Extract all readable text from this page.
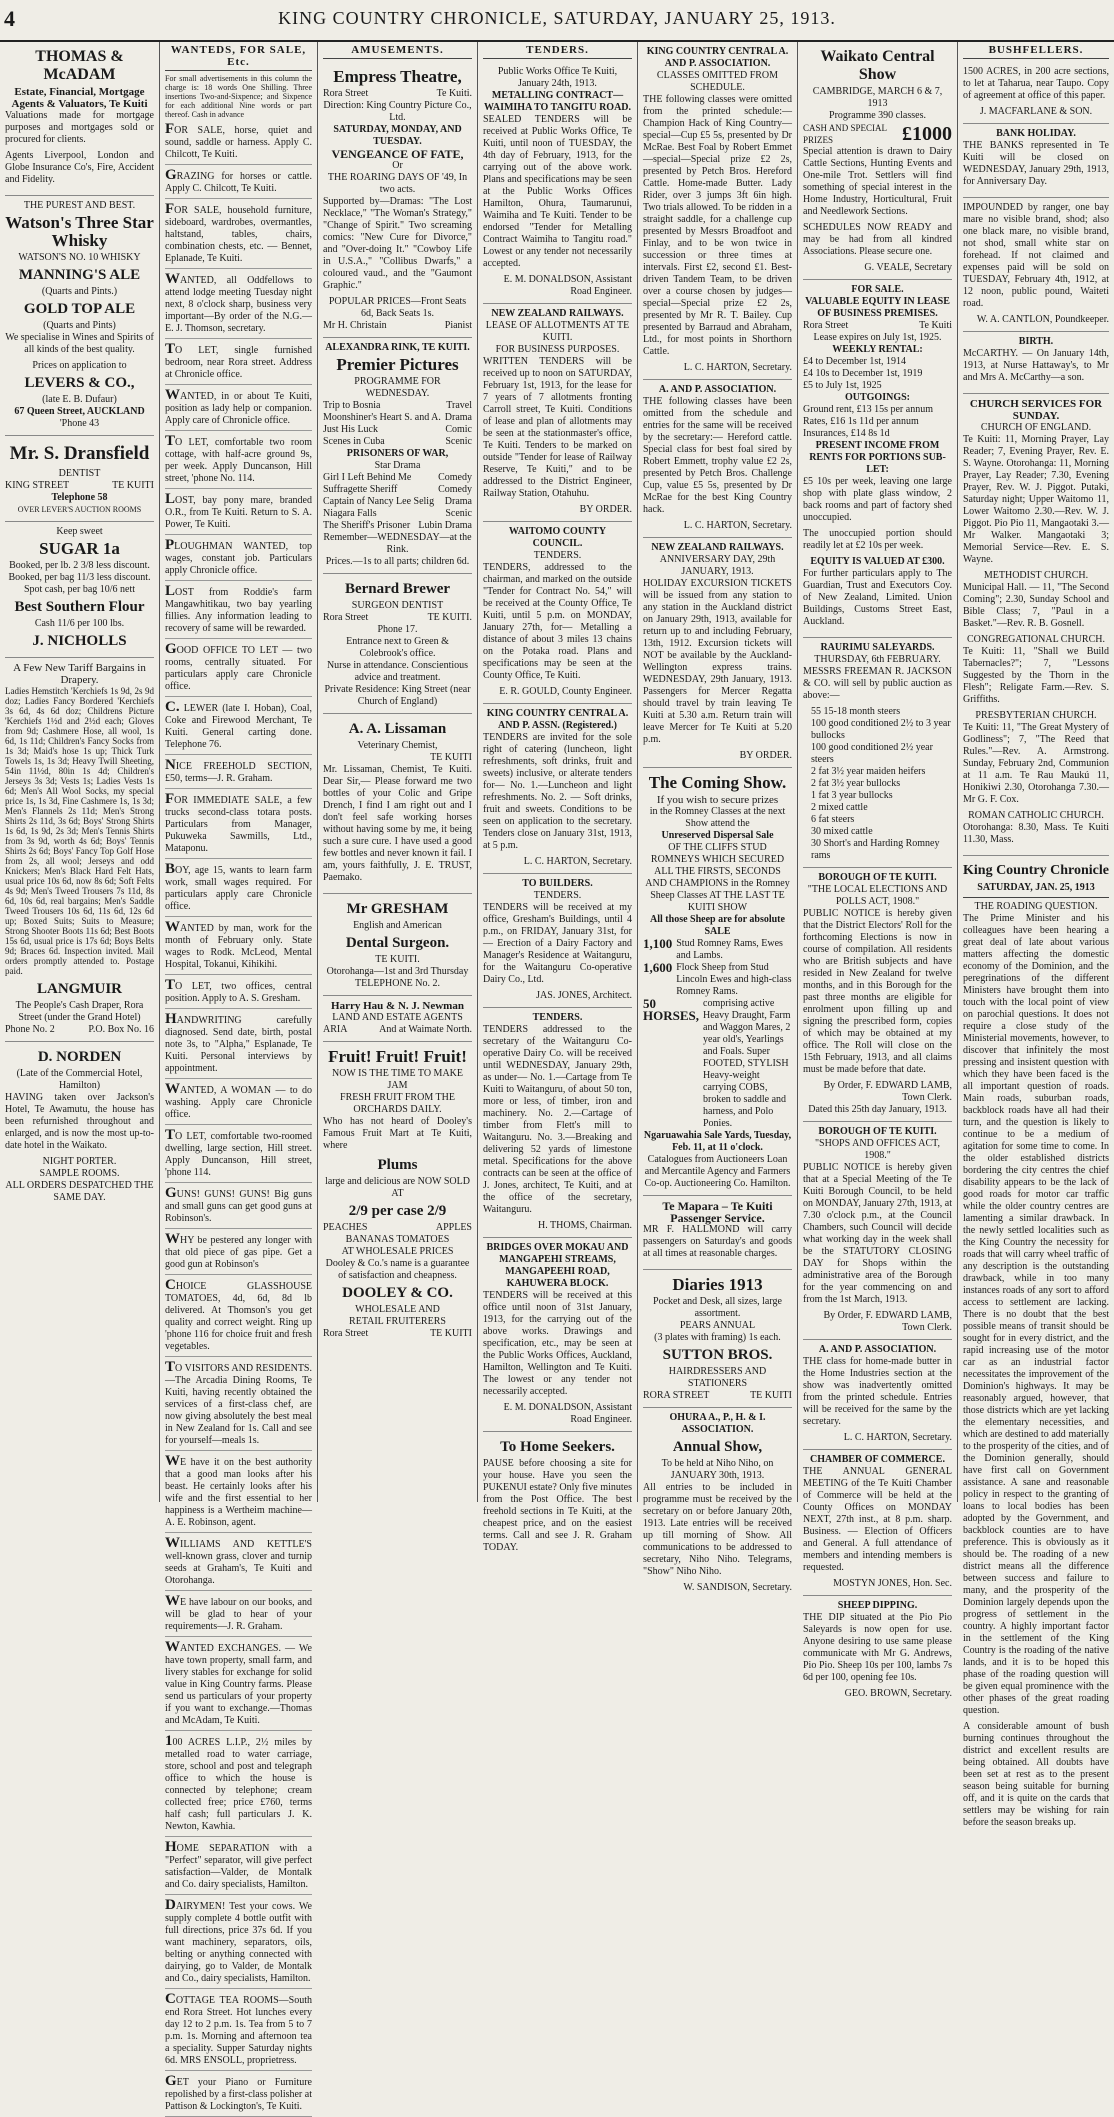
4	KING COUNTRY CHRONICLE, SATURDAY, JANUARY 25, 1913.
THOMAS & McADAM
Estate, Financial, Mortgage Agents & Valuators, Te Kuiti

Valuations made for mortgage purposes and mortgages sold or procured for clients.

Agents Liverpool, London and Globe Insurance Co's, Fire, Accident and Fidelity.

THE PUREST AND BEST.
Watson's Three Star Whisky
WATSON'S NO. 10 WHISKY
MANNING'S ALE
(Quarts and Pints.)
GOLD TOP ALE
(Quarts and Pints)

We specialise in Wines and Spirits of all kinds of the best quality.

Prices on application to
LEVERS & CO.,
(late E. B. Dufaur)
67 Queen Street, AUCKLAND
'Phone 43
Mr. S. Dransfield
DENTIST
KING STREET	TE KUITI
Telephone 58
OVER LEVER'S AUCTION ROOMS
Keep sweet
SUGAR 1a
Booked, per lb. 2 3/8 less discount.
Booked, per bag 11/3 less discount.
Spot cash, per bag 10/6 nett
Best Southern Flour
Cash 11/6 per 100 lbs.
J. NICHOLLS
A Few New Tariff Bargains in Drapery.

Ladies Hemstitch 'Kerchiefs 1s 9d, 2s 9d doz; Ladies Fancy Bordered 'Kerchiefs 3s 6d, 4s 6d doz; Childrens Picture 'Kerchiefs 1½d and 2½d each; Gloves from 9d; Cashmere Hose, all wool, 1s 6d, 1s 11d; Children's Fancy Socks from 1s 3d; Maid's hose 1s up; Thick Turk Towels 1s, 1s 3d; Heavy Twill Sheeting, 54in 11½d, 80in 1s 4d; Children's Jerseys 3s 3d; Vests 1s; Ladies Vests 1s 6d; Men's All Wool Socks, my special price 1s, 1s 3d, Fine Cashmere 1s, 1s 3d; Men's Flannels 2s 11d; Men's Strong Shirts 2s 11d, 3s 6d; Boys' Strong Shirts 1s 6d, 1s 9d, 2s 3d; Men's Tennis Shirts from 3s 9d, worth 4s 6d; Boys' Tennis Shirts 2s 6d; Boys' Fancy Top Golf Hose from 2s, all wool; Jerseys and odd Knickers; Men's Black Hard Felt Hats, usual price 10s 6d, now 8s 6d; Soft Felts 4s 9d; Men's Tweed Trousers 7s 11d, 8s 6d, 10s 6d, real bargains; Men's Saddle Tweed Trousers 10s 6d, 11s 6d, 12s 6d up; Boxed Suits; Suits to Measure; Strong Shooter Boots 11s 6d; Best Boots 15s 6d, usual price is 17s 6d; Boys Belts 9d; Braces 6d. Inspection invited. Mail orders promptly attended to. Postage paid.

LANGMUIR
The People's Cash Draper, Rora Street (under the Grand Hotel)
Phone No. 2	P.O. Box No. 16
D. NORDEN
(Late of the Commercial Hotel, Hamilton)

HAVING taken over Jackson's Hotel, Te Awamutu, the house has been refurnished throughout and enlarged, and is now the most up-to-date hotel in the Waikato.

NIGHT PORTER.
SAMPLE ROOMS.
ALL ORDERS DESPATCHED THE SAME DAY.
WANTEDS, FOR SALE, Etc.

For small advertisements in this column the charge is: 18 words One Shilling. Three insertions Two-and-Sixpence; and Sixpence for each additional Nine words or part thereof. Cash in advance

FOR SALE, horse, quiet and sound, saddle or harness. Apply C. Chilcott, Te Kuiti.

GRAZING for horses or cattle. Apply C. Chilcott, Te Kuiti.

FOR SALE, household furniture, sideboard, wardrobes, overmantles, haltstand, tables, chairs, combination chests, etc. — Bennet, Eplanade, Te Kuiti.

WANTED, all Oddfellows to attend lodge meeting Tuesday night next, 8 o'clock sharp, business very important—By order of the N.G.—E. J. Thomson, secretary.

TO LET, single furnished bedroom, near Rora street. Address at Chronicle office.

WANTED, in or about Te Kuiti, position as lady help or companion. Apply care of Chronicle office.

TO LET, comfortable two room cottage, with half-acre ground 9s, per week. Apply Duncanson, Hill street, 'phone No. 114.

LOST, bay pony mare, branded O.R., from Te Kuiti. Return to S. A. Power, Te Kuiti.

PLOUGHMAN WANTED, top wages, constant job. Particulars apply Chronicle office.

LOST from Roddie's farm Mangawhitikau, two bay yearling fillies. Any information leading to recovery of same will be rewarded.

GOOD OFFICE TO LET — two rooms, centrally situated. For particulars apply care Chronicle office.

C. LEWER (late I. Hoban), Coal, Coke and Firewood Merchant, Te Kuiti. General carting done. Telephone 76.

NICE FREEHOLD SECTION, £50, terms—J. R. Graham.

FOR IMMEDIATE SALE, a few trucks second-class totara posts. Particulars from Manager, Pukuweka Sawmills, Ltd., Mataponu.

BOY, age 15, wants to learn farm work, small wages required. For particulars apply care Chronicle office.

WANTED by man, work for the month of February only. State wages to Rodk. McLeod, Mental Hospital, Tokanui, Kihikihi.

TO LET, two offices, central position. Apply to A. S. Gresham.

HANDWRITING carefully diagnosed. Send date, birth, postal note 3s, to "Alpha," Esplanade, Te Kuiti. Personal interviews by appointment.

WANTED, A WOMAN — to do washing. Apply care Chronicle office.

TO LET, comfortable two-roomed dwelling, large section, Hill street. Apply Duncanson, Hill street, 'phone 114.

GUNS! GUNS! GUNS! Big guns and small guns can get good guns at Robinson's.

WHY be pestered any longer with that old piece of gas pipe. Get a good gun at Robinson's

CHOICE GLASSHOUSE TOMATOES, 4d, 6d, 8d lb delivered. At Thomson's you get quality and correct weight. Ring up 'phone 116 for choice fruit and fresh vegetables.

TO VISITORS AND RESIDENTS. —The Arcadia Dining Rooms, Te Kuiti, having recently obtained the services of a first-class chef, are now giving absolutely the best meal in New Zealand for 1s. Call and see for yourself—meals 1s.

WE have it on the best authority that a good man looks after his beast. He certainly looks after his wife and the first essential to her happiness is a Wertheim machine—A. E. Robinson, agent.

WILLIAMS AND KETTLE'S well-known grass, clover and turnip seeds at Graham's, Te Kuiti and Otorohanga.

WE have labour on our books, and will be glad to hear of your requirements—J. R. Graham.

WANTED EXCHANGES. — We have town property, small farm, and livery stables for exchange for solid value in King Country farms. Please send us particulars of your property if you want to exchange.—Thomas and McAdam, Te Kuiti.

100 ACRES L.I.P., 2½ miles by metalled road to water carriage, store, school and post and telegraph office to which the house is connected by telephone; cream collected free; price £760, terms half cash; full particulars J. K. Newton, Kawhia.

HOME SEPARATION with a "Perfect" separator, will give perfect satisfaction—Valder, de Montalk and Co. dairy specialists, Hamilton.

DAIRYMEN! Test your cows. We supply complete 4 bottle outfit with full directions, price 37s 6d. If you want machinery, separators, oils, belting or anything connected with dairying, go to Valder, de Montalk and Co., dairy specialists, Hamilton.

COTTAGE TEA ROOMS—South end Rora Street. Hot lunches every day 12 to 2 p.m. 1s. Tea from 5 to 7 p.m. 1s. Morning and afternoon tea a speciality. Supper Saturday nights 6d. MRS ENSOLL, proprietress.

GET your Piano or Furniture repolished by a first-class polisher at Pattison & Lockington's, Te Kuiti.

AMUSEMENTS.
Empress Theatre,
Rora Street	Te Kuiti.
Direction: King Country Picture Co., Ltd.
SATURDAY, MONDAY, AND TUESDAY.
VENGEANCE OF FATE,
Or
THE ROARING DAYS OF '49, In two acts.

Supported by—Dramas: "The Lost Necklace," "The Woman's Strategy," "Change of Spirit." Two screaming comics: "New Cure for Divorce," and "Over-doing It." "Cowboy Life in U.S.A.," "Collibus Dwarfs," a coloured vaud., and the "Gaumont Graphic."

POPULAR PRICES—Front Seats 6d, Back Seats 1s.
Mr H. Christain	Pianist
ALEXANDRA RINK, TE KUITI.
Premier Pictures
PROGRAMME FOR WEDNESDAY.
Trip to Bosnia	Travel
Moonshiner's Heart S. and A. Drama
Just His Luck	Comic
Scenes in Cuba	Scenic
PRISONERS OF WAR,
Star Drama
Girl I Left Behind Me	Comedy
Suffragette Sheriff	Comedy
Captain of Nancy Lee Selig Drama
Niagara Falls	Scenic
The Sheriff's Prisoner Lubin Drama
Remember—WEDNESDAY—at the Rink.
Prices.—1s to all parts; children 6d.
Bernard Brewer
SURGEON DENTIST
Rora Street	TE KUITI.
Phone 17.
Entrance next to Green & Colebrook's office.
Nurse in attendance. Conscientious advice and treatment.
Private Residence: King Street (near Church of England)
A. A. Lissaman
Veterinary Chemist,
TE KUITI

Mr. Lissaman, Chemist, Te Kuiti. Dear Sir,— Please forward me two bottles of your Colic and Gripe Drench, I find I am right out and I don't feel safe working horses without having some by me, it being such a sure cure. I have used a good few bottles and never known it fail. I am, yours faithfully, J. E. TRUST, Paemako.

Mr GRESHAM
English and American
Dental Surgeon.
TE KUITI.
Otorohanga—1st and 3rd Thursday
TELEPHONE No. 2.
Harry Hau & N. J. Newman
LAND AND ESTATE AGENTS
ARIA	And at Waimate North.
Fruit! Fruit! Fruit!
NOW IS THE TIME TO MAKE JAM
FRESH FRUIT FROM THE ORCHARDS DAILY.

Who has not heard of Dooley's Famous Fruit Mart at Te Kuiti, where

Plums
large and delicious are NOW SOLD AT
2/9 per case 2/9
PEACHES	APPLES
BANANAS TOMATOES
AT WHOLESALE PRICES
Dooley & Co.'s name is a guarantee of satisfaction and cheapness.
DOOLEY & CO.
WHOLESALE AND
RETAIL FRUITERERS
Rora Street	TE KUITI
TENDERS.
Public Works Office Te Kuiti, January 24th, 1913.
METALLING CONTRACT—WAIMIHA TO TANGITU ROAD.

SEALED TENDERS will be received at Public Works Office, Te Kuiti, until noon of TUESDAY, the 4th day of February, 1913, for the carrying out of the above work. Plans and specifications may be seen at the Public Works Offices Hamilton, Ohura, Taumarunui, Waimiha and Te Kuiti. Tender to be endorsed "Tender for Metalling Contract Waimiha to Tangitu road." Lowest or any tender not necessarily accepted.

E. M. DONALDSON, Assistant Road Engineer.
NEW ZEALAND RAILWAYS.
LEASE OF ALLOTMENTS AT TE KUITI.
FOR BUSINESS PURPOSES.

WRITTEN TENDERS will be received up to noon on SATURDAY, February 1st, 1913, for the lease for 7 years of 7 allotments fronting Carroll street, Te Kuiti. Conditions of lease and plan of allotments may be seen at the stationmaster's office, Te Kuiti. Tenders to be marked on outside "Tender for lease of Railway Reserve, Te Kuiti," and to be addressed to the District Engineer, Railway Station, Otahuhu.

BY ORDER.
WAITOMO COUNTY COUNCIL.
TENDERS.

TENDERS, addressed to the chairman, and marked on the outside "Tender for Contract No. 54," will be received at the County Office, Te Kuiti, until 5 p.m. on MONDAY, January 27th, for— Metalling a distance of about 3 miles 13 chains on the Potaka road. Plans and specifications may be seen at the County Office, Te Kuiti.

E. R. GOULD, County Engineer.
KING COUNTRY CENTRAL A. AND P. ASSN. (Registered.)

TENDERS are invited for the sole right of catering (luncheon, light refreshments, soft drinks, fruit and sweets) inclusive, or alterate tenders for— No. 1.—Luncheon and light refreshments. No. 2. — Soft drinks, fruit and sweets. Conditions to be seen on application to the secretary. Tenders close on January 31st, 1913, at 5 p.m.

L. C. HARTON, Secretary.
TO BUILDERS.
TENDERS.

TENDERS will be received at my office, Gresham's Buildings, until 4 p.m., on FRIDAY, January 31st, for— Erection of a Dairy Factory and Manager's Residence at Waitanguru, for the Waitanguru Co-operative Dairy Co., Ltd.

JAS. JONES, Architect.
TENDERS.

TENDERS addressed to the secretary of the Waitanguru Co-operative Dairy Co. will be received until WEDNESDAY, January 29th, as under— No. 1.—Cartage from Te Kuiti to Waitanguru, of about 50 ton, more or less, of timber, iron and machinery. No. 2.—Cartage of timber from Flett's mill to Waitanguru. No. 3.—Breaking and delivering 52 yards of limestone metal. Specifications for the above contracts can be seen at the office of J. Jones, architect, Te Kuiti, and at the office of the secretary, Waitanguru.

H. THOMS, Chairman.
BRIDGES OVER MOKAU AND MANGAPEHI STREAMS, MANGAPEEHI ROAD, KAHUWERA BLOCK.

TENDERS will be received at this office until noon of 31st January, 1913, for the carrying out of the above works. Drawings and specification, etc., may be seen at the Public Works Offices, Auckland, Hamilton, Wellington and Te Kuiti. The lowest or any tender not necessarily accepted.

E. M. DONALDSON, Assistant Road Engineer.
To Home Seekers.

PAUSE before choosing a site for your house. Have you seen the PUKENUI estate? Only five minutes from the Post Office. The best freehold sections in Te Kuiti, at the cheapest price, and on the easiest terms. Call and see J. R. Graham TODAY.

KING COUNTRY CENTRAL A. AND P. ASSOCIATION.
CLASSES OMITTED FROM SCHEDULE.

THE following classes were omitted from the printed schedule:— Champion Hack of King Country—special—Cup £5 5s, presented by Dr McRae. Best Foal by Robert Emmet—special—Special prize £2 2s, presented by Petch Bros. Hereford Cattle. Home-made Butter. Lady Rider, over 3 jumps 3ft 6in high. Two trials allowed. To be ridden in a straight saddle, for a challenge cup presented by Messrs Broadfoot and Finlay, and to be won twice in succession or three times at intervals. First £2, second £1. Best-driven Tandem Team, to be driven over a course chosen by judges—special—Special prize £2 2s, presented by Mr R. T. Bailey. Cup presented by Barraud and Abraham, Ltd., for most points in Shorthorn Cattle.

L. C. HARTON, Secretary.
A. AND P. ASSOCIATION.

THE following classes have been omitted from the schedule and entries for the same will be received by the secretary:— Hereford cattle. Special class for best foal sired by Robert Emmett, trophy value £2 2s, presented by Petch Bros. Challenge Cup, value £5 5s, presented by Dr McRae for the best King Country hack.

L. C. HARTON, Secretary.
NEW ZEALAND RAILWAYS.
ANNIVERSARY DAY, 29th JANUARY, 1913.

HOLIDAY EXCURSION TICKETS will be issued from any station to any station in the Auckland district on January 29th, 1913, available for return up to and including February, 13th, 1912. Excursion tickets will NOT be available by the Auckland-Wellington express trains. WEDNESDAY, 29th January, 1913. Passengers for Mercer Regatta should travel by train leaving Te Kuiti at 5.30 a.m. Return train will leave Mercer for Te Kuiti at 5.20 p.m.

BY ORDER.
The Coming Show.
If you wish to secure prizes
in the Romney Classes at the next Show attend the
Unreserved Dispersal Sale
OF THE CLIFFS STUD ROMNEYS WHICH SECURED ALL THE FIRSTS, SECONDS AND CHAMPIONS in the Romney Sheep Classes AT THE LAST TE KUITI SHOW
All those Sheep are for absolute SALE
1,100 Stud Romney Rams, Ewes and Lambs.
1,600 Flock Sheep from Stud Lincoln Ewes and high-class Romney Rams.
50 HORSES,
comprising active Heavy Draught, Farm and Waggon Mares, 2 year old's, Yearlings and Foals. Super FOOTED, STYLISH Heavy-weight carrying COBS, broken to saddle and harness, and Polo Ponies.
Ngaruawahia Sale Yards, Tuesday, Feb. 11, at 11 o'clock.
Catalogues from Auctioneers Loan and Mercantile Agency and Farmers Co-op. Auctioneering Co. Hamilton.
Te Mapara – Te Kuiti Passenger Service.

MR F. HALLMOND will carry passengers on Saturday's and goods at all times at reasonable charges.

Diaries 1913
Pocket and Desk, all sizes, large assortment.
PEARS ANNUAL
(3 plates with framing) 1s each.
SUTTON BROS.
HAIRDRESSERS AND STATIONERS
RORA STREET	TE KUITI
OHURA A., P., H. & I. ASSOCIATION.
Annual Show,
To be held at Niho Niho, on JANUARY 30th, 1913.

All entries to be included in programme must be received by the secretary on or before January 20th, 1913. Late entries will be received up till morning of Show. All communications to be addressed to secretary, Niho Niho. Telegrams, "Show" Niho Niho.

W. SANDISON, Secretary.
Waikato Central Show
CAMBRIDGE, MARCH 6 & 7, 1913
Programme 390 classes.
CASH AND SPECIAL PRIZES	£1000

Special attention is drawn to Dairy Cattle Sections, Hunting Events and One-mile Trot. Settlers will find something of special interest in the Home Industry, Horticultural, Fruit and Needlework Sections.

SCHEDULES NOW READY and may be had from all kindred Associations. Please secure one.

G. VEALE, Secretary
FOR SALE.
VALUABLE EQUITY IN LEASE OF BUSINESS PREMISES.
Rora Street	Te Kuiti
Lease expires on July 1st, 1925.
WEEKLY RENTAL:
£4 to December 1st, 1914
£4 10s to December 1st, 1919
£5 to July 1st, 1925
OUTGOINGS:
Ground rent, £13 15s per annum
Rates, £16 1s 11d per annum
Insurances, £14 8s 1d
PRESENT INCOME FROM RENTS FOR PORTIONS SUB-LET:

£5 10s per week, leaving one large shop with plate glass window, 2 back rooms and part of factory shed unoccupied.

The unoccupied portion should readily let at £2 10s per week.

EQUITY IS VALUED AT £300.

For further particulars apply to The Guardian, Trust and Executors Coy. of New Zealand, Limited. Union Buildings, Customs Street East, Auckland.

RAURIMU SALEYARDS.
THURSDAY, 6th FEBRUARY.

MESSRS FREEMAN R. JACKSON & CO. will sell by public auction as above:—

55 15-18 month steers
100 good conditioned 2½ to 3 year bullocks
100 good conditioned 2½ year steers
2 fat 3½ year maiden heifers
2 fat 3½ year bullocks
1 fat 3 year bullocks
2 mixed cattle
6 fat steers
30 mixed cattle
30 Short's and Harding Romney rams
BOROUGH OF TE KUITI.
"THE LOCAL ELECTIONS AND POLLS ACT, 1908."

PUBLIC NOTICE is hereby given that the District Electors' Roll for the forthcoming Elections is now in course of compilation. All residents who are British subjects and have resided in New Zealand for twelve months, and in this Borough for the past three months are eligible for enrolment upon filling up and signing the prescribed form, copies of which may be obtained at my office. The Roll will close on the 15th February, 1913, and all claims must be made before that date.

By Order, F. EDWARD LAMB, Town Clerk.
Dated this 25th day January, 1913.
BOROUGH OF TE KUITI.
"SHOPS AND OFFICES ACT, 1908."

PUBLIC NOTICE is hereby given that at a Special Meeting of the Te Kuiti Borough Council, to be held on MONDAY, January 27th, 1913, at 7.30 o'clock p.m., at the Council Chambers, such Council will decide what working day in the week shall be the STATUTORY CLOSING DAY for Shops within the administrative area of the Borough for the year commencing on and from the 1st March, 1913.

By Order, F. EDWARD LAMB, Town Clerk.
A. AND P. ASSOCIATION.

THE class for home-made butter in the Home Industries section at the show was inadvertently omitted from the printed schedule. Entries will be received for the same by the secretary.

L. C. HARTON, Secretary.
CHAMBER OF COMMERCE.

THE ANNUAL GENERAL MEETING of the Te Kuiti Chamber of Commerce will be held at the County Offices on MONDAY NEXT, 27th inst., at 8 p.m. sharp. Business. — Election of Officers and General. A full attendance of members and intending members is requested.

MOSTYN JONES, Hon. Sec.
SHEEP DIPPING.

THE DIP situated at the Pio Pio Saleyards is now open for use. Anyone desiring to use same please communicate with Mr G. Andrews, Pio Pio. Sheep 10s per 100, lambs 7s 6d per 100, opening fee 10s.

GEO. BROWN, Secretary.
BUSHFELLERS.

1500 ACRES, in 200 acre sections, to let at Taharua, near Taupo. Copy of agreement at office of this paper.

J. MACFARLANE & SON.
BANK HOLIDAY.

THE BANKS represented in Te Kuiti will be closed on WEDNESDAY, January 29th, 1913, for Anniversary Day.

IMPOUNDED by ranger, one bay mare no visible brand, shod; also one black mare, no visible brand, not shod, small white star on forehead. If not claimed and expenses paid will be sold on TUESDAY, February 4th, 1912, at 12 noon, public pound, Waiteti road.

W. A. CANTLON, Poundkeeper.
BIRTH.

McCARTHY. — On January 14th, 1913, at Nurse Hattaway's, to Mr and Mrs A. McCarthy—a son.

CHURCH SERVICES FOR SUNDAY.
CHURCH OF ENGLAND.

Te Kuiti: 11, Morning Prayer, Lay Reader; 7, Evening Prayer, Rev. E. S. Wayne. Otorohanga: 11, Morning Prayer, Lay Reader; 7.30, Evening Prayer, Rev. W. J. Piggot. Putaki, Saturday night; Upper Waitomo 11, Lower Waitomo 2.30.—Rev. W. J. Piggot. Pio Pio 11, Mangaotaki 3.—Mr Walker. Mangaotaki 3; Memorial Service—Rev. E. S. Wayne.

METHODIST CHURCH.

Municipal Hall. — 11, "The Second Coming"; 2.30, Sunday School and Bible Class; 7, "Paul in a Basket."—Rev. R. B. Gosnell.

CONGREGATIONAL CHURCH.

Te Kuiti: 11, "Shall we Build Tabernacles?"; 7, "Lessons Suggested by the Thorn in the Flesh"; Religate Farm.—Rev. S. Griffiths.

PRESBYTERIAN CHURCH.

Te Kuiti: 11, "The Great Mystery of Godliness"; 7, "The Reed that Rules."—Rev. A. Armstrong. Sunday, February 2nd, Communion at 11 a.m. Te Rau Maukú 11, Honikiwi 2.30, Otorohanga 7.30.—Mr G. F. Cox.

ROMAN CATHOLIC CHURCH.

Otorohanga: 8.30, Mass. Te Kuiti 11.30, Mass.

King Country Chronicle
SATURDAY, JAN. 25, 1913
THE ROADING QUESTION.

The Prime Minister and his colleagues have been hearing a great deal of late about various matters affecting the domestic economy of the Dominion, and the peregrinations of the different Ministers have brought them into touch with the local point of view on parochial questions. It does not require a close study of the Ministerial movements, however, to discover that infinitely the most pressing and insistent question with which they have been faced is the all important question of roads. Main roads, suburban roads, backblock roads have all had their turn, and the question is likely to continue to be a medium of agitation for some time to come. In the older established districts bordering the city centres the chief disability appears to be the lack of good roads for motor car traffic while the older country centres are lamenting a similar drawback. In the newly settled localities such as the King Country the necessity for roads that will carry wheel traffic of any description is the outstanding drawback, while in too many instances roads of any sort to afford access to settlement are lacking. There is no doubt that the best possible means of transit should be sought for in every district, and the rapid increasing use of the motor car as an industrial factor necessitates the improvement of the Dominion's highways. It may be reasonably argued, however, that those districts which are yet lacking the elementary necessities, and which are destined to add materially to the prosperity of the cities, and of the Dominion generally, should have first call on Government assistance. A sane and reasonable policy in respect to the granting of loans to local bodies has been adopted by the Government, and backblock counties are to have preference. This is obviously as it should be. The roading of a new district means all the difference between success and failure to many, and the prosperity of the Dominion largely depends upon the progress of settlement in the country. A highly important factor in the settlement of the King Country is the roading of the native lands, and it is to be hoped this phase of the roading question will be given equal prominence with the other phases of the great roading question.

A considerable amount of bush burning continues throughout the district and excellent results are being obtained. All doubts have been set at rest as to the present season being suitable for burning off, and it is quite on the cards that settlers may be wishing for rain before the season breaks up.
